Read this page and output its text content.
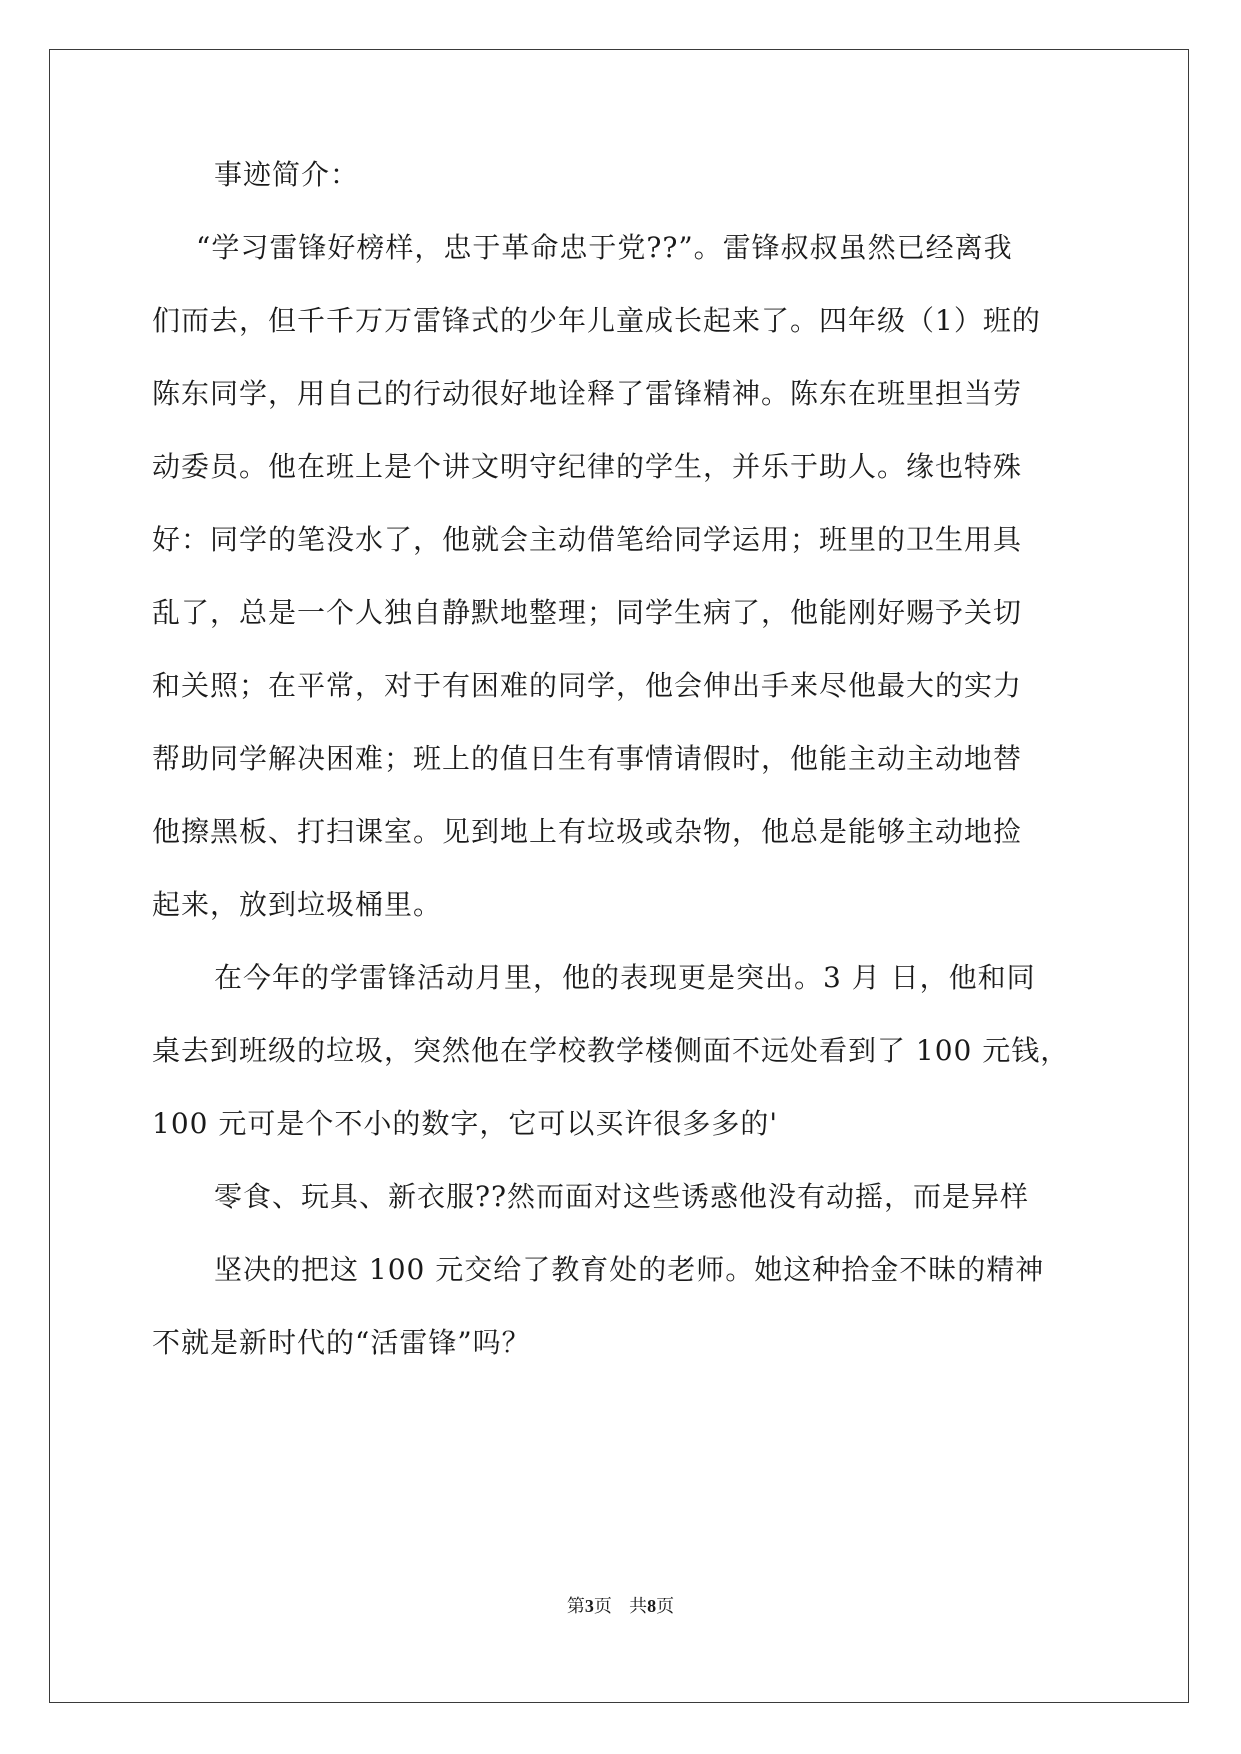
事迹简介：
“学习雷锋好榜样，忠于革命忠于党??”。雷锋叔叔虽然已经离我
们而去，但千千万万雷锋式的少年儿童成长起来了。四年级（1）班的
陈东同学，用自己的行动很好地诠释了雷锋精神。陈东在班里担当劳
动委员。他在班上是个讲文明守纪律的学生，并乐于助人。缘也特殊
好：同学的笔没水了，他就会主动借笔给同学运用；班里的卫生用具
乱了，总是一个人独自静默地整理；同学生病了，他能刚好赐予关切
和关照；在平常，对于有困难的同学，他会伸出手来尽他最大的实力
帮助同学解决困难；班上的值日生有事情请假时，他能主动主动地替
他擦黑板、打扫课室。见到地上有垃圾或杂物，他总是能够主动地捡
起来，放到垃圾桶里。
在今年的学雷锋活动月里，他的表现更是突出。3 月 日，他和同
桌去到班级的垃圾，突然他在学校教学楼侧面不远处看到了 100 元钱，
100 元可是个不小的数字，它可以买许很多多的'
零食、玩具、新衣服??然而面对这些诱惑他没有动摇，而是异样
坚决的把这 100 元交给了教育处的老师。她这种拾金不昧的精神
不就是新时代的“活雷锋”吗？
第3页   共8页
